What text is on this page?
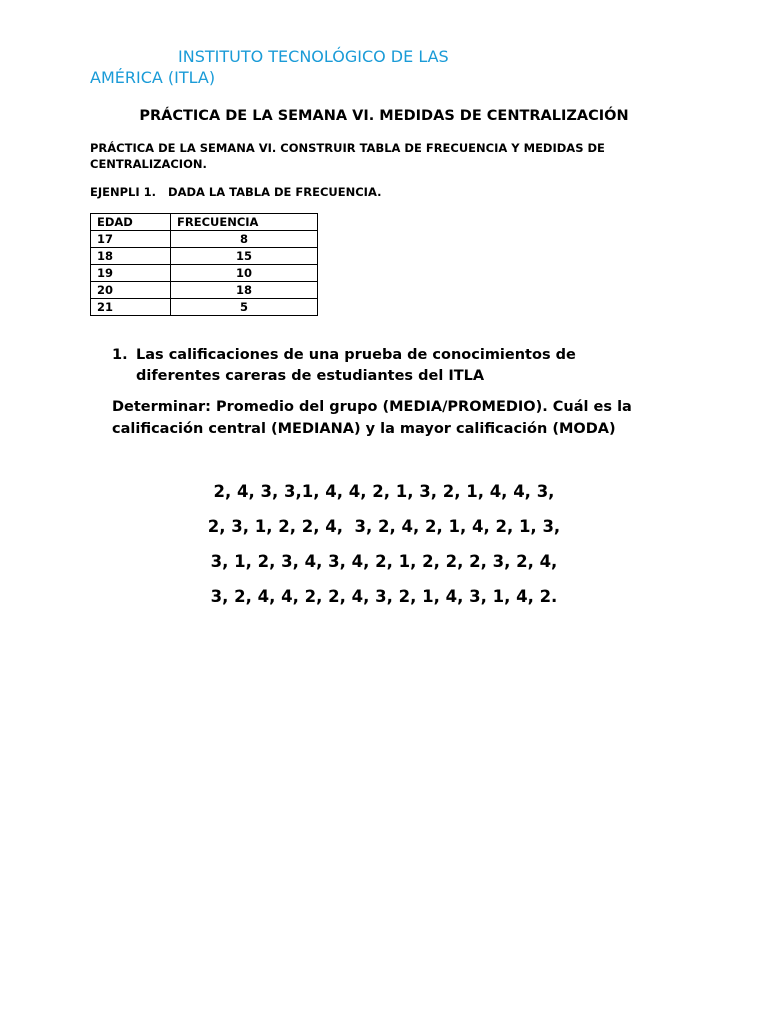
INSTITUTO TECNOLÓGICO DE LAS AMÉRICA (ITLA)
PRÁCTICA DE LA SEMANA VI. MEDIDAS DE CENTRALIZACIÓN

PRÁCTICA DE LA SEMANA VI. CONSTRUIR TABLA DE FRECUENCIA Y MEDIDAS DE CENTRALIZACION.

EJENPLI 1.   DADA LA TABLA DE FRECUENCIA.

EDAD	FRECUENCIA
17	8
18	15
19	10
20	18
21	5
1. Las calificaciones de una prueba de conocimientos de diferentes careras de estudiantes del ITLA

Determinar: Promedio del grupo (MEDIA/PROMEDIO). Cuál es la calificación central (MEDIANA) y la mayor calificación (MODA)

2, 4, 3, 3,1, 4, 4, 2, 1, 3, 2, 1, 4, 4, 3,
2, 3, 1, 2, 2, 4,  3, 2, 4, 2, 1, 4, 2, 1, 3,
3, 1, 2, 3, 4, 3, 4, 2, 1, 2, 2, 2, 3, 2, 4,
3, 2, 4, 4, 2, 2, 4, 3, 2, 1, 4, 3, 1, 4, 2.
